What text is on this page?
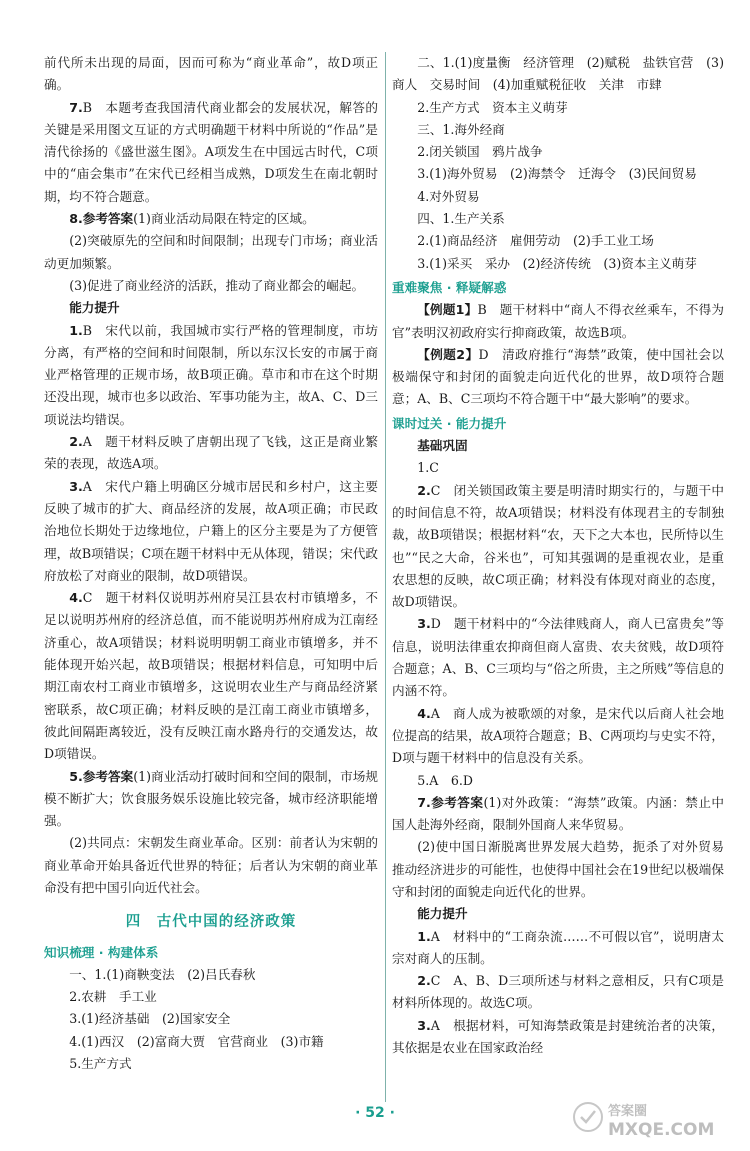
前代所未出现的局面，因而可称为“商业革命”，故D项正确。

7.B　本题考查我国清代商业都会的发展状况，解答的关键是采用图文互证的方式明确题干材料中所说的“作品”是清代徐扬的《盛世滋生图》。A项发生在中国远古时代，C项中的“庙会集市”在宋代已经相当成熟，D项发生在南北朝时期，均不符合题意。

8.参考答案(1)商业活动局限在特定的区域。

(2)突破原先的空间和时间限制；出现专门市场；商业活动更加频繁。

(3)促进了商业经济的活跃，推动了商业都会的崛起。

能力提升

1.B　宋代以前，我国城市实行严格的管理制度，市坊分离，有严格的空间和时间限制，所以东汉长安的市属于商业严格管理的正规市场，故B项正确。草市和市在这个时期还没出现，城市也多以政治、军事功能为主，故A、C、D三项说法均错误。

2.A　题干材料反映了唐朝出现了飞钱，这正是商业繁荣的表现，故选A项。

3.A　宋代户籍上明确区分城市居民和乡村户，这主要反映了城市的扩大、商品经济的发展，故A项正确；市民政治地位长期处于边缘地位，户籍上的区分主要是为了方便管理，故B项错误；C项在题干材料中无从体现，错误；宋代政府放松了对商业的限制，故D项错误。

4.C　题干材料仅说明苏州府吴江县农村市镇增多，不足以说明苏州府的经济总值，而不能说明苏州府成为江南经济重心，故A项错误；材料说明明朝工商业市镇增多，并不能体现开始兴起，故B项错误；根据材料信息，可知明中后期江南农村工商业市镇增多，这说明农业生产与商品经济紧密联系，故C项正确；材料反映的是江南工商业市镇增多，彼此间隔距离较近，没有反映江南水路舟行的交通发达，故D项错误。

5.参考答案(1)商业活动打破时间和空间的限制，市场规模不断扩大；饮食服务娱乐设施比较完备，城市经济职能增强。

(2)共同点：宋朝发生商业革命。区别：前者认为宋朝的商业革命开始具备近代世界的特征；后者认为宋朝的商业革命没有把中国引向近代社会。

四　古代中国的经济政策

知识梳理 · 构建体系

一、1.(1)商鞅变法　(2)吕氏春秋

2.农耕　手工业

3.(1)经济基础　(2)国家安全

4.(1)西汉　(2)富商大贾　官营商业　(3)市籍

5.生产方式

二、1.(1)度量衡　经济管理　(2)赋税　盐铁官营　(3)商人　交易时间　(4)加重赋税征收　关津　市肆

2.生产方式　资本主义萌芽

三、1.海外经商

2.闭关锁国　鸦片战争

3.(1)海外贸易　(2)海禁令　迁海令　(3)民间贸易

4.对外贸易

四、1.生产关系

2.(1)商品经济　雇佣劳动　(2)手工业工场

3.(1)采买　采办　(2)经济传统　(3)资本主义萌芽

重难聚焦 · 释疑解惑

【例题1】B　题干材料中“商人不得衣丝乘车，不得为官”表明汉初政府实行抑商政策，故选B项。

【例题2】D　清政府推行“海禁”政策，使中国社会以极端保守和封闭的面貌走向近代化的世界，故D项符合题意；A、B、C三项均不符合题干中“最大影响”的要求。

课时过关 · 能力提升

基础巩固

1.C

2.C　闭关锁国政策主要是明清时期实行的，与题干中的时间信息不符，故A项错误；材料没有体现君主的专制独裁，故B项错误；根据材料“农，天下之大本也，民所恃以生也”“民之大命，谷米也”，可知其强调的是重视农业，是重农思想的反映，故C项正确；材料没有体现对商业的态度，故D项错误。

3.D　题干材料中的“今法律贱商人，商人已富贵矣”等信息，说明法律重农抑商但商人富贵、农夫贫贱，故D项符合题意；A、B、C三项均与“俗之所贵，主之所贱”等信息的内涵不符。

4.A　商人成为被歌颂的对象，是宋代以后商人社会地位提高的结果，故A项符合题意；B、C两项均与史实不符，D项与题干材料中的信息没有关系。

5.A　6.D

7.参考答案(1)对外政策：“海禁”政策。内涵：禁止中国人赴海外经商，限制外国商人来华贸易。

(2)使中国日渐脱离世界发展大趋势，扼杀了对外贸易推动经济进步的可能性，也使得中国社会在19世纪以极端保守和封闭的面貌走向近代化的世界。

能力提升

1.A　材料中的“工商杂流……不可假以官”，说明唐太宗对商人的压制。

2.C　A、B、D三项所述与材料之意相反，只有C项是材料所体现的。故选C项。

3.A　根据材料，可知海禁政策是封建统治者的决策，其依据是农业在国家政治经

· 52 ·	答案圈
MXQE.COM
